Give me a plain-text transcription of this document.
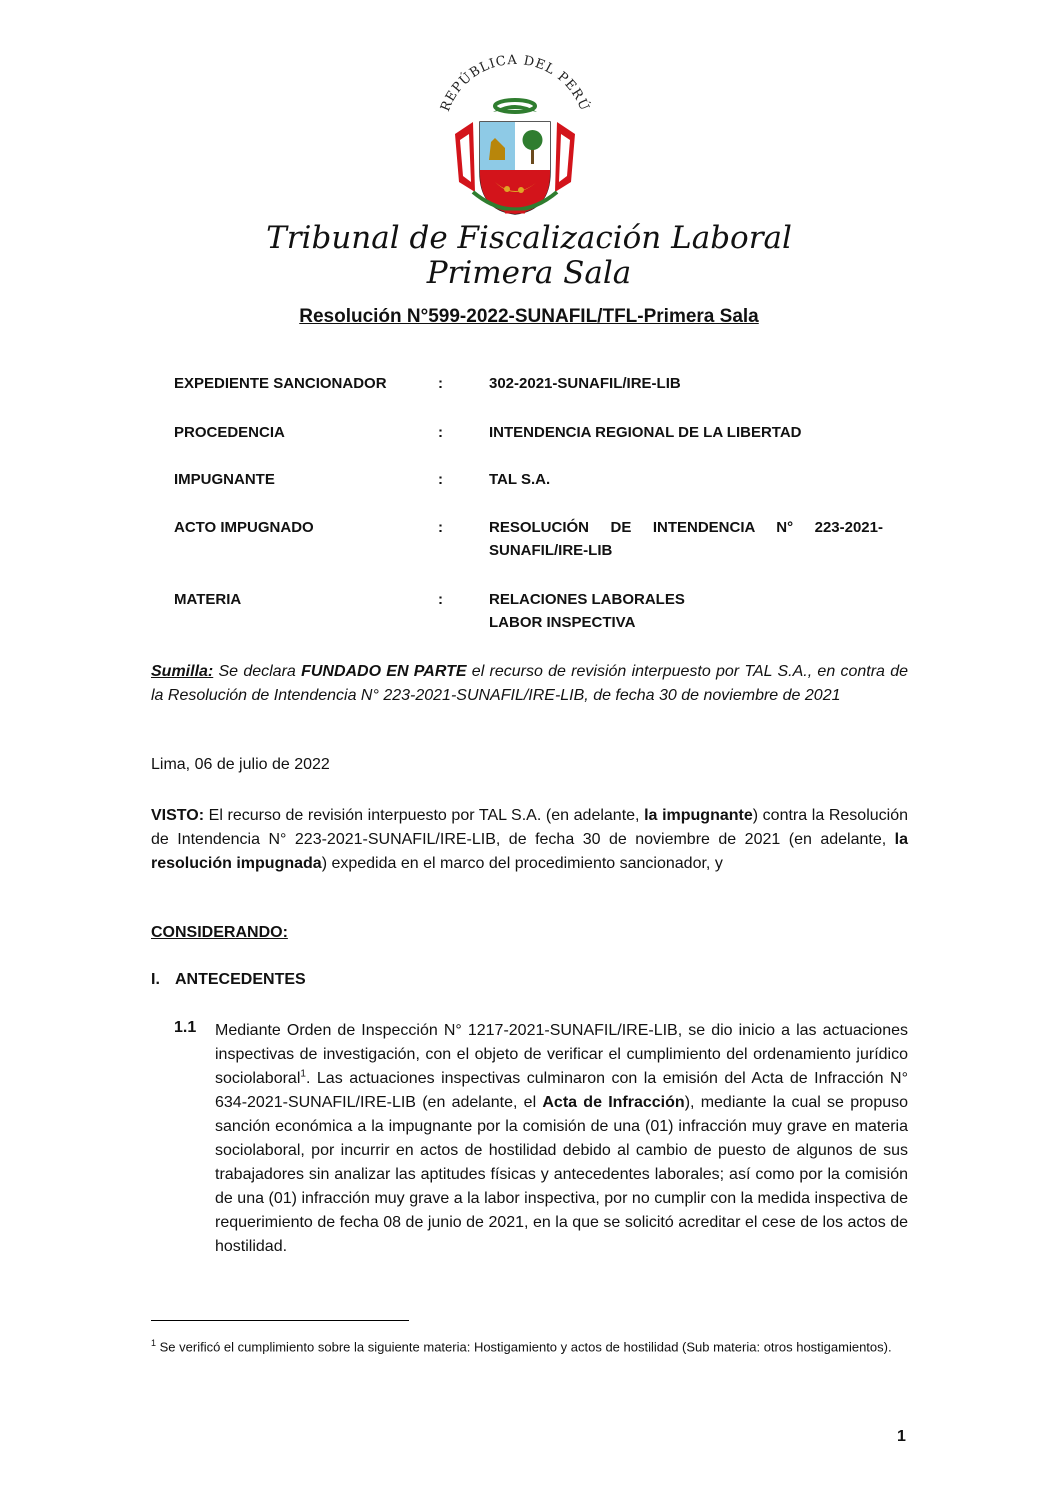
REPÚBLICA DEL PERÚ
Tribunal de Fiscalización Laboral
Primera Sala
Resolución N°599-2022-SUNAFIL/TFL-Primera Sala
EXPEDIENTE SANCIONADOR	:	302-2021-SUNAFIL/IRE-LIB
PROCEDENCIA	:	INTENDENCIA REGIONAL DE LA LIBERTAD
IMPUGNANTE	:	TAL S.A.
ACTO IMPUGNADO	:	RESOLUCIÓN DE INTENDENCIA N° 223-2021-
SUNAFIL/IRE-LIB
MATERIA	:	RELACIONES LABORALES
LABOR INSPECTIVA
Sumilla: Se declara FUNDADO EN PARTE el recurso de revisión interpuesto por TAL S.A., en contra de la Resolución de Intendencia N° 223-2021-SUNAFIL/IRE-LIB, de fecha 30 de noviembre de 2021
Lima, 06 de julio de 2022
VISTO: El recurso de revisión interpuesto por TAL S.A. (en adelante, la impugnante) contra la Resolución de Intendencia N° 223-2021-SUNAFIL/IRE-LIB, de fecha 30 de noviembre de 2021 (en adelante, la resolución impugnada) expedida en el marco del procedimiento sancionador, y
CONSIDERANDO:
I. ANTECEDENTES
1.1 Mediante Orden de Inspección N° 1217-2021-SUNAFIL/IRE-LIB, se dio inicio a las actuaciones inspectivas de investigación, con el objeto de verificar el cumplimiento del ordenamiento jurídico sociolaboral$^1$. Las actuaciones inspectivas culminaron con la emisión del Acta de Infracción N° 634-2021-SUNAFIL/IRE-LIB (en adelante, el Acta de Infracción), mediante la cual se propuso sanción económica a la impugnante por la comisión de una (01) infracción muy grave en materia sociolaboral, por incurrir en actos de hostilidad debido al cambio de puesto de algunos de sus trabajadores sin analizar las aptitudes físicas y antecedentes laborales; así como por la comisión de una (01) infracción muy grave a la labor inspectiva, por no cumplir con la medida inspectiva de requerimiento de fecha 08 de junio de 2021, en la que se solicitó acreditar el cese de los actos de hostilidad.
$^1$ Se verificó el cumplimiento sobre la siguiente materia: Hostigamiento y actos de hostilidad (Sub materia: otros hostigamientos).
1
